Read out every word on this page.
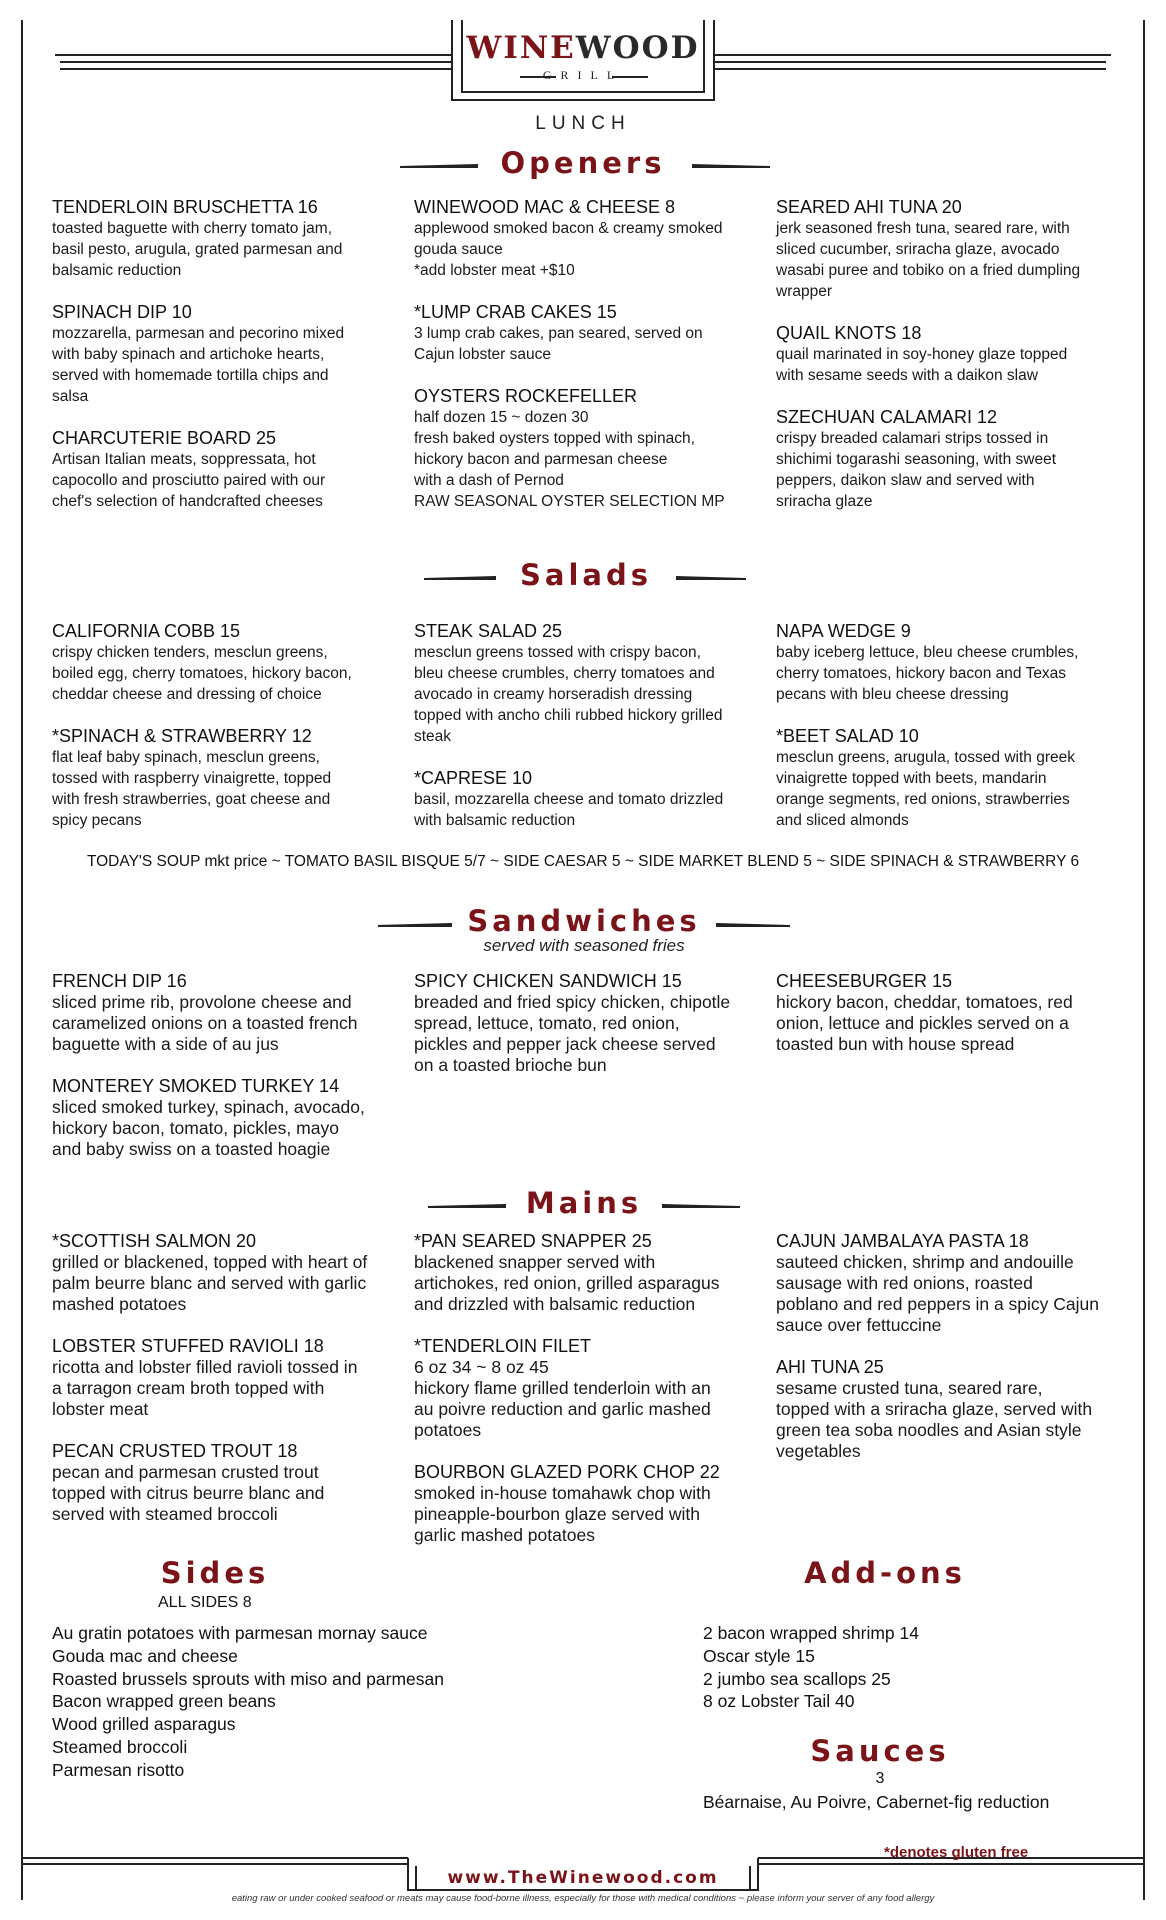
WINEWOOD
GRILL
LUNCH
Openers
TENDERLOIN BRUSCHETTA 16
toasted baguette with cherry tomato jam,
basil pesto, arugula, grated parmesan and
balsamic reduction
SPINACH DIP 10
mozzarella, parmesan and pecorino mixed
with baby spinach and artichoke hearts,
served with homemade tortilla chips and
salsa
CHARCUTERIE BOARD 25
Artisan Italian meats, soppressata, hot
capocollo and prosciutto paired with our
chef's selection of handcrafted cheeses
WINEWOOD MAC & CHEESE 8
applewood smoked bacon & creamy smoked
gouda sauce
*add lobster meat +$10
*LUMP CRAB CAKES 15
3 lump crab cakes, pan seared, served on
Cajun lobster sauce
OYSTERS ROCKEFELLER
half dozen 15 ~ dozen 30
fresh baked oysters topped with spinach,
hickory bacon and parmesan cheese
with a dash of Pernod
RAW SEASONAL OYSTER SELECTION MP
SEARED AHI TUNA 20
jerk seasoned fresh tuna, seared rare, with
sliced cucumber, sriracha glaze, avocado
wasabi puree and tobiko on a fried dumpling
wrapper
QUAIL KNOTS 18
quail marinated in soy-honey glaze topped
with sesame seeds with a daikon slaw
SZECHUAN CALAMARI 12
crispy breaded calamari strips tossed in
shichimi togarashi seasoning, with sweet
peppers, daikon slaw and served with
sriracha glaze
Salads
CALIFORNIA COBB 15
crispy chicken tenders, mesclun greens,
boiled egg, cherry tomatoes, hickory bacon,
cheddar cheese and dressing of choice
*SPINACH & STRAWBERRY 12
flat leaf baby spinach, mesclun greens,
tossed with raspberry vinaigrette, topped
with fresh strawberries, goat cheese and
spicy pecans
STEAK SALAD 25
mesclun greens tossed with crispy bacon,
bleu cheese crumbles, cherry tomatoes and
avocado in creamy horseradish dressing
topped with ancho chili rubbed hickory grilled
steak
*CAPRESE 10
basil, mozzarella cheese and tomato drizzled
with balsamic reduction
NAPA WEDGE 9
baby iceberg lettuce, bleu cheese crumbles,
cherry tomatoes, hickory bacon and Texas
pecans with bleu cheese dressing
*BEET SALAD 10
mesclun greens, arugula, tossed with greek
vinaigrette topped with beets, mandarin
orange segments, red onions, strawberries
and sliced almonds
TODAY'S SOUP mkt price ~ TOMATO BASIL BISQUE 5/7 ~ SIDE CAESAR 5 ~ SIDE MARKET BLEND 5 ~ SIDE SPINACH & STRAWBERRY 6
Sandwiches
served with seasoned fries
FRENCH DIP 16
sliced prime rib, provolone cheese and
caramelized onions on a toasted french
baguette with a side of au jus
MONTEREY SMOKED TURKEY 14
sliced smoked turkey, spinach, avocado,
hickory bacon, tomato, pickles, mayo
and baby swiss on a toasted hoagie
SPICY CHICKEN SANDWICH 15
breaded and fried spicy chicken, chipotle
spread, lettuce, tomato, red onion,
pickles and pepper jack cheese served
on a toasted brioche bun
CHEESEBURGER 15
hickory bacon, cheddar, tomatoes, red
onion, lettuce and pickles served on a
toasted bun with house spread
Mains
*SCOTTISH SALMON 20
grilled or blackened, topped with heart of
palm beurre blanc and served with garlic
mashed potatoes
LOBSTER STUFFED RAVIOLI 18
ricotta and lobster filled ravioli tossed in
a tarragon cream broth topped with
lobster meat
PECAN CRUSTED TROUT 18
pecan and parmesan crusted trout
topped with citrus beurre blanc and
served with steamed broccoli
*PAN SEARED SNAPPER 25
blackened snapper served with
artichokes, red onion, grilled asparagus
and drizzled with balsamic reduction
*TENDERLOIN FILET
6 oz 34 ~ 8 oz 45
hickory flame grilled tenderloin with an
au poivre reduction and garlic mashed
potatoes
BOURBON GLAZED PORK CHOP 22
smoked in-house tomahawk chop with
pineapple-bourbon glaze served with
garlic mashed potatoes
CAJUN JAMBALAYA PASTA 18
sauteed chicken, shrimp and andouille
sausage with red onions, roasted
poblano and red peppers in a spicy Cajun
sauce over fettuccine
AHI TUNA 25
sesame crusted tuna, seared rare,
topped with a sriracha glaze, served with
green tea soba noodles and Asian style
vegetables
Sides
ALL SIDES 8
Au gratin potatoes with parmesan mornay sauce
Gouda mac and cheese
Roasted brussels sprouts with miso and parmesan
Bacon wrapped green beans
Wood grilled asparagus
Steamed broccoli
Parmesan risotto
Add-ons
2 bacon wrapped shrimp 14
Oscar style 15
2 jumbo sea scallops 25
8 oz Lobster Tail 40
Sauces
3
Béarnaise, Au Poivre, Cabernet-fig reduction
*denotes gluten free
www.TheWinewood.com
eating raw or under cooked seafood or meats may cause food-borne illness, especially for those with medical conditions ~ please inform your server of any food allergy
